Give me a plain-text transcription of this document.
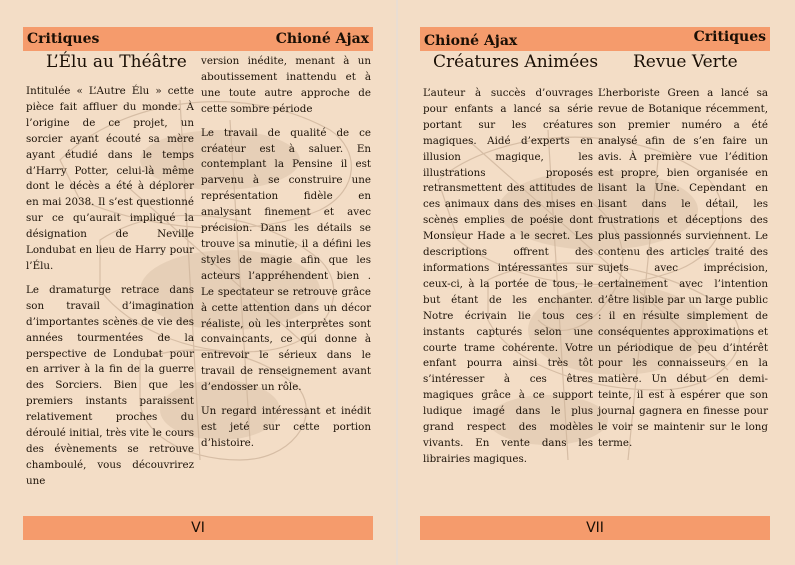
Critiques	Chioné Ajax
L’Élu au Théâtre

Intitulée « L’Autre Élu » cette pièce fait affluer du monde. À l’origine de ce projet, un sorcier ayant écouté sa mère ayant étudié dans le temps d’Harry Potter, celui-là même dont le décès a été à déplorer en mai 2038. Il s’est questionné sur ce qu’aurait impliqué la désignation de Neville Londubat en lieu de Harry pour l’Élu.

Le dramaturge retrace dans son travail d’imagination d’importantes scènes de vie des années tourmentées de la perspective de Londubat pour en arriver à la fin de la guerre des Sorciers. Bien que les premiers instants paraissent relativement proches du déroulé initial, très vite le cours des évènements se retrouve chamboulé, vous découvrirez une

version inédite, menant à un aboutissement inattendu et à une toute autre approche de cette sombre période

Le travail de qualité de ce créateur est à saluer. En contemplant la Pensine il est parvenu à se construire une représentation fidèle en analysant finement et avec précision. Dans les détails se trouve sa minutie, il a défini les styles de magie afin que les acteurs l’appréhendent bien . Le spectateur se retrouve grâce à cette attention dans un décor réaliste, où les interprètes sont convaincants, ce qui donne à entrevoir le sérieux dans le travail de renseignement avant d’endosser un rôle.

Un regard intéressant et inédit est jeté sur cette portion d’histoire.

VI
Chioné Ajax	Critiques
Créatures Animées Revue Verte

L’auteur à succès d’ouvrages pour enfants a lancé sa série portant sur les créatures magiques. Aidé d’experts en illusion magique, les illustrations proposés retransmettent des attitudes de ces animaux dans des mises en scènes emplies de poésie dont Monsieur Hade a le secret. Les descriptions offrent des informations intéressantes sur ceux-ci, à la portée de tous, le but étant de les enchanter. Notre écrivain lie tous ces instants capturés selon une courte trame cohérente. Votre enfant pourra ainsi très tôt s’intéresser à ces êtres magiques grâce à ce support ludique imagé dans le plus grand respect des modèles vivants. En vente dans les librairies magiques.

L’herboriste Green a lancé sa revue de Botanique récemment, son premier numéro a été analysé afin de s’en faire un avis. À première vue l’édition est propre, bien organisée en lisant la Une. Cependant en lisant dans le détail, les frustrations et déceptions des plus passionnés surviennent. Le contenu des articles traité des sujets avec imprécision, certainement avec l’intention d’être lisible par un large public : il en résulte simplement de conséquentes approximations et un périodique de peu d’intérêt pour les connaisseurs en la matière. Un début en demi-teinte, il est à espérer que son journal gagnera en finesse pour le voir se maintenir sur le long terme.

VII
